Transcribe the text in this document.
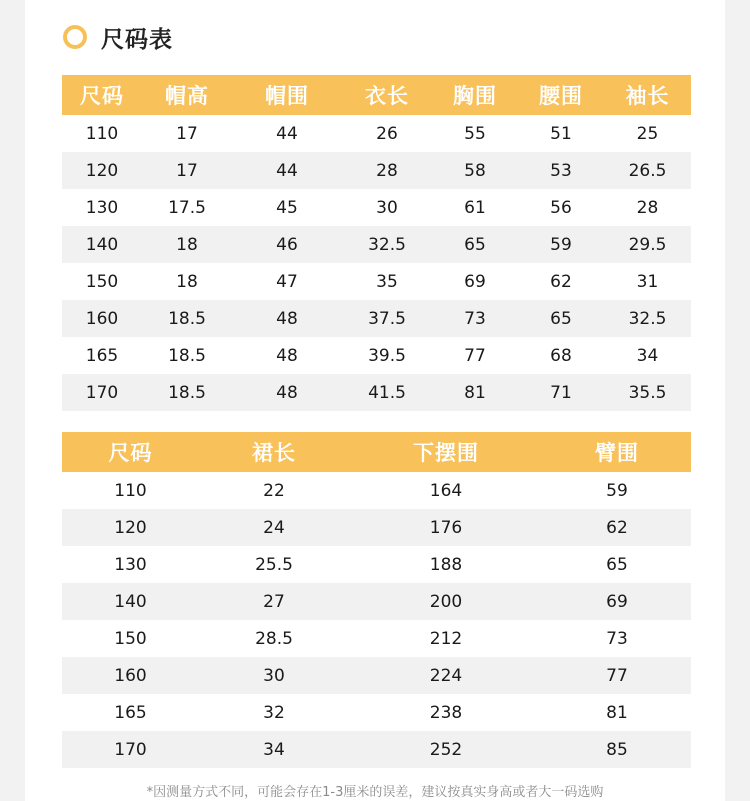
尺码表
尺码	帽高	帽围	衣长	胸围	腰围	袖长
110	17	44	26	55	51	25
120	17	44	28	58	53	26.5
130	17.5	45	30	61	56	28
140	18	46	32.5	65	59	29.5
150	18	47	35	69	62	31
160	18.5	48	37.5	73	65	32.5
165	18.5	48	39.5	77	68	34
170	18.5	48	41.5	81	71	35.5
尺码	裙长	下摆围	臂围
110	22	164	59
120	24	176	62
130	25.5	188	65
140	27	200	69
150	28.5	212	73
160	30	224	77
165	32	238	81
170	34	252	85
*因测量方式不同，可能会存在1-3厘米的误差，建议按真实身高或者大一码选购
